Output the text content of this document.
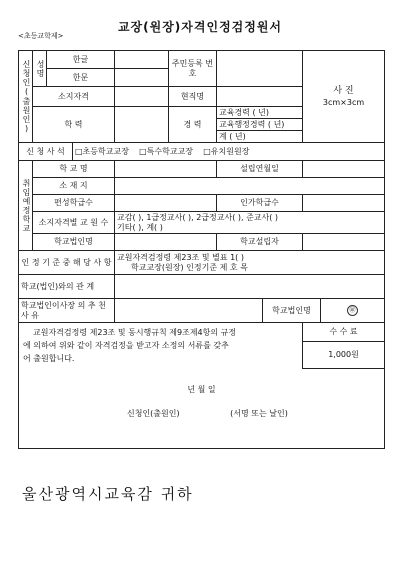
<초등교학제>
교장(원장)자격인정검정원서
신청인(출원인)	성명	한글			주민등록 번 호			사 진
3cm×3cm	

		한문							
	소지자격				현직명				
	학 력				경 력	교육경력 ( 년)			
						교육행정경력 ( 년)			
						계 ( 년)			
신 청 사 석			□초등학교교장 □특수학교교장 □유치원원장						

취임예정학교	학 교 명					설립연월일			
	소 재 지								
	편성학급수					인가학급수			
	소지자격별 교 원 수			교감( ), 1급정교사( ), 2급정교사( ), 준교사( )
기타( ), 계( )					

	학교법인명					학교설립자			
인 정 기 준 중 해 당 사 항				교원자격검정령 제23조 및 별표 1( )
학교교장(원장) 인정기준 제 호 목					

학교(법인)와의 관 계									
학교법인이사장 의 추 천 사 유							학교법인명		㊞

교원자격검정령 제23조 및 동시행규칙 제9조제4항의 규정
에 의하여 위와 같이 자격검정을 받고자 소정의 서류를 갖추
어 출원합니다.								수 수 료	
								1,000원	

년 월 일
신청인(출원인) (서명 또는 날인)									
울산광역시교육감 귀하
